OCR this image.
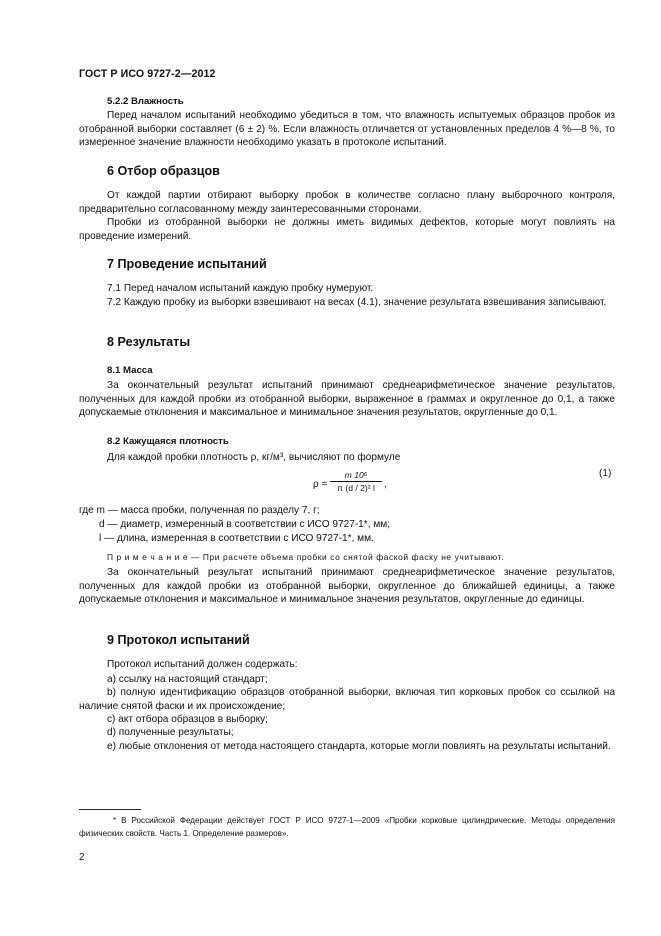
ГОСТ Р ИСО 9727-2—2012
5.2.2 Влажность
Перед началом испытаний необходимо убедиться в том, что влажность испытуемых образцов пробок из отобранной выборки составляет (6 ± 2) %. Если влажность отличается от установленных пределов 4 %—8 %, то измеренное значение влажности необходимо указать в протоколе испытаний.
6 Отбор образцов
От каждой партии отбирают выборку пробок в количестве согласно плану выборочного контроля, предварительно согласованному между заинтересованными сторонами.
Пробки из отобранной выборки не должны иметь видимых дефектов, которые могут повлиять на проведение измерений.
7 Проведение испытаний
7.1 Перед началом испытаний каждую пробку нумеруют.
7.2 Каждую пробку из выборки взвешивают на весах (4.1), значение результата взвешивания записывают.
8 Результаты
8.1 Масса
За окончательный результат испытаний принимают среднеарифметическое значение результатов, полученных для каждой пробки из отобранной выборки, выраженное в граммах и округленное до 0,1, а также допускаемые отклонения и максимальное и минимальное значения результатов, округленные до 0,1.
8.2 Кажущаяся плотность
Для каждой пробки плотность ρ, кг/м³, вычисляют по формуле
ρ =
m 10⁶
π (d / 2)² l ,
(1)
где m — масса пробки, полученная по разделу 7, г;
d — диаметр, измеренный в соответствии с ИСО 9727-1*, мм;
l — длина, измеренная в соответствии с ИСО 9727-1*, мм.
П р и м е ч а н и е — При расчете объема пробки со снятой фаской фаску не учитывают.
За окончательный результат испытаний принимают среднеарифметическое значение результатов, полученных для каждой пробки из отобранной выборки, округленное до ближайшей единицы, а также допускаемые отклонения и максимальное и минимальное значения результатов, округленные до единицы.
9 Протокол испытаний
Протокол испытаний должен содержать:
a) ссылку на настоящий стандарт;
b) полную идентификацию образцов отобранной выборки, включая тип корковых пробок со ссылкой на наличие снятой фаски и их происхождение;
c) акт отбора образцов в выборку;
d) полученные результаты;
e) любые отклонения от метода настоящего стандарта, которые могли повлиять на результаты испытаний.
* В Российской Федерации действует ГОСТ Р ИСО 9727-1—2009 «Пробки корковые цилиндрические. Методы определения физических свойств. Часть 1. Определение размеров».
2
